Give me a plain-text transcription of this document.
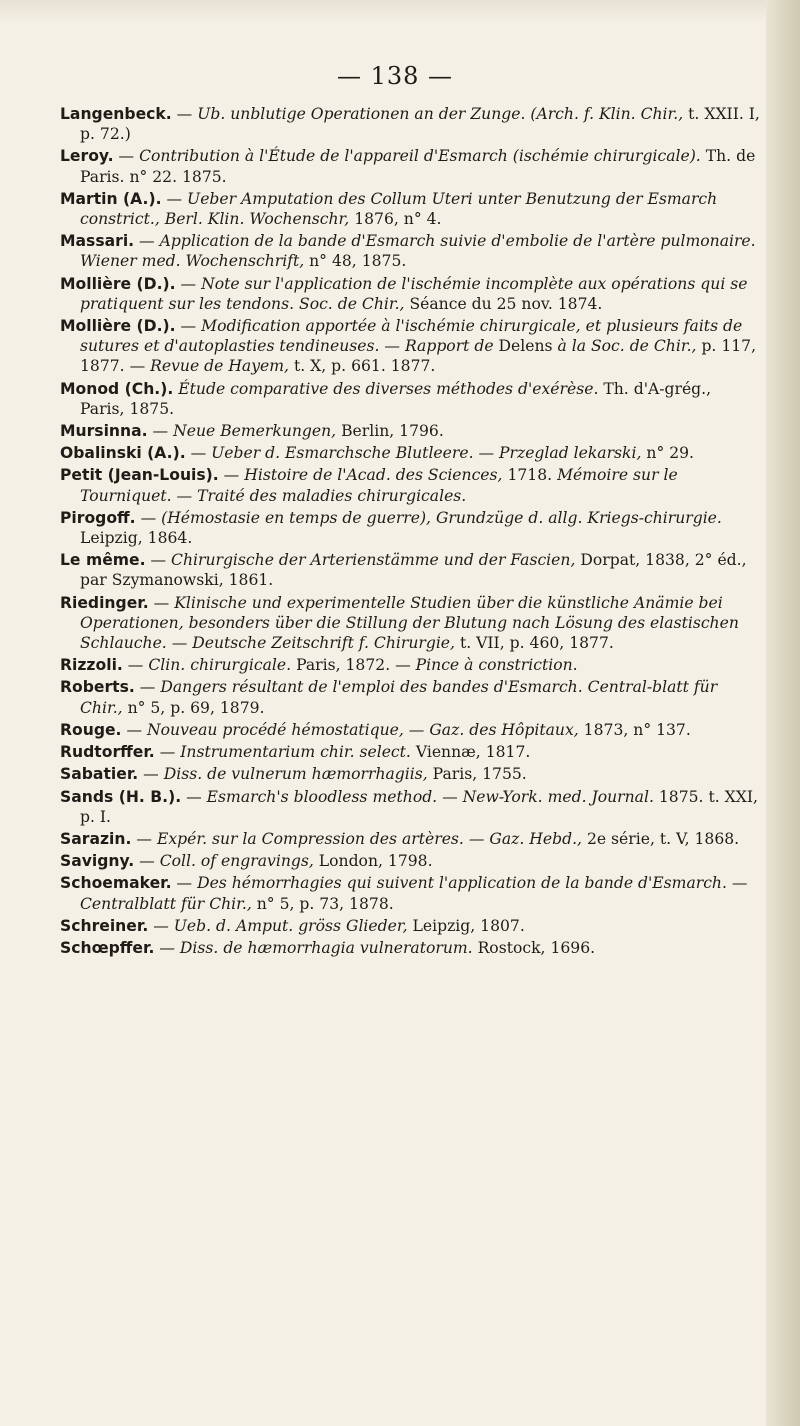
— 138 —

Langenbeck. — Ub. unblutige Operationen an der Zunge. (Arch. f. Klin. Chir., t. XXII. I, p. 72.)

Leroy. — Contribution à l'Étude de l'appareil d'Esmarch (ischémie chirurgicale). Th. de Paris. n° 22. 1875.

Martin (A.). — Ueber Amputation des Collum Uteri unter Benutzung der Esmarch constrict., Berl. Klin. Wochenschr, 1876, n° 4.

Massari. — Application de la bande d'Esmarch suivie d'embolie de l'artère pulmonaire. Wiener med. Wochenschrift, n° 48, 1875.

Mollière (D.). — Note sur l'application de l'ischémie incomplète aux opérations qui se pratiquent sur les tendons. Soc. de Chir., Séance du 25 nov. 1874.

Mollière (D.). — Modification apportée à l'ischémie chirurgicale, et plusieurs faits de sutures et d'autoplasties tendineuses. — Rapport de Delens à la Soc. de Chir., p. 117, 1877. — Revue de Hayem, t. X, p. 661. 1877.

Monod (Ch.). Étude comparative des diverses méthodes d'exérèse. Th. d'A-grég., Paris, 1875.

Mursinna. — Neue Bemerkungen, Berlin, 1796.

Obalinski (A.). — Ueber d. Esmarchsche Blutleere. — Przeglad lekarski, n° 29.

Petit (Jean-Louis). — Histoire de l'Acad. des Sciences, 1718. Mémoire sur le Tourniquet. — Traité des maladies chirurgicales.

Pirogoff. — (Hémostasie en temps de guerre), Grundzüge d. allg. Kriegs-chirurgie. Leipzig, 1864.

Le même. — Chirurgische der Arterienstämme und der Fascien, Dorpat, 1838, 2° éd., par Szymanowski, 1861.

Riedinger. — Klinische und experimentelle Studien über die künstliche Anämie bei Operationen, besonders über die Stillung der Blutung nach Lösung des elastischen Schlauche. — Deutsche Zeitschrift f. Chirurgie, t. VII, p. 460, 1877.

Rizzoli. — Clin. chirurgicale. Paris, 1872. — Pince à constriction.

Roberts. — Dangers résultant de l'emploi des bandes d'Esmarch. Central-blatt für Chir., n° 5, p. 69, 1879.

Rouge. — Nouveau procédé hémostatique, — Gaz. des Hôpitaux, 1873, n° 137.

Rudtorffer. — Instrumentarium chir. select. Viennæ, 1817.

Sabatier. — Diss. de vulnerum hæmorrhagiis, Paris, 1755.

Sands (H. B.). — Esmarch's bloodless method. — New-York. med. Journal. 1875. t. XXI, p. I.

Sarazin. — Expér. sur la Compression des artères. — Gaz. Hebd., 2e série, t. V, 1868.

Savigny. — Coll. of engravings, London, 1798.

Schoemaker. — Des hémorrhagies qui suivent l'application de la bande d'Esmarch. — Centralblatt für Chir., n° 5, p. 73, 1878.

Schreiner. — Ueb. d. Amput. gröss Glieder, Leipzig, 1807.

Schœpffer. — Diss. de hæmorrhagia vulneratorum. Rostock, 1696.
